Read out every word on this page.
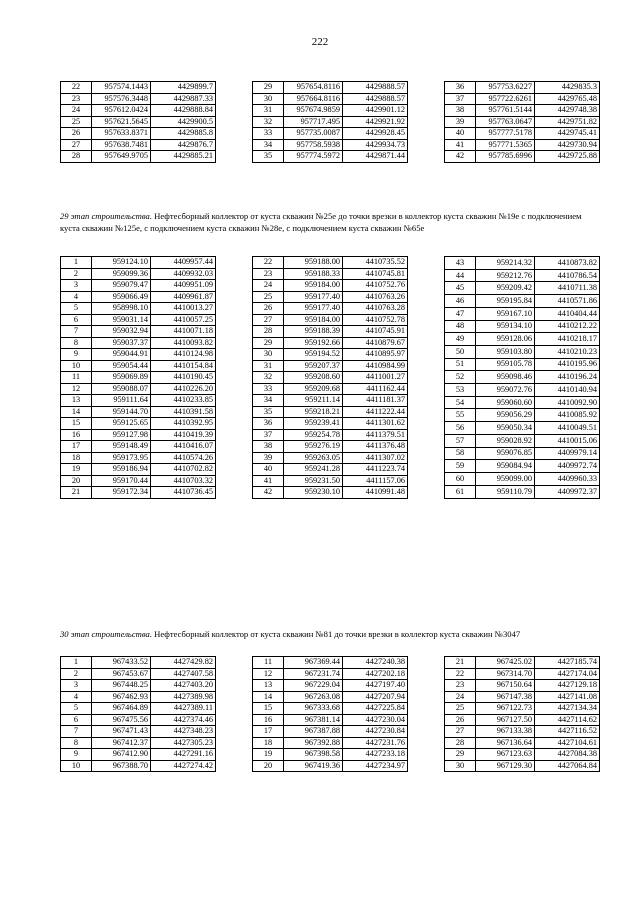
222
22	957574.1443	4429899.7
23	957576.3448	4429887.33
24	957612.0424	4429888.84
25	957621.5645	4429900.5
26	957633.8371	4429885.8
27	957638.7481	4429876.7
28	957649.9705	4429885.21
29	957654.8116	4429888.57
30	957664.8116	4429888.57
31	957674.9859	4429901.12
32	957717.495	4429921.92
33	957735.0087	4429928.45
34	957758.5938	4429934.73
35	957774.5972	4429871.44
36	957753.6227	4429835.3
37	957722.6261	4429765.48
38	957761.5144	4429748.38
39	957763.0647	4429751.82
40	957777.5178	4429745.41
41	957771.5365	4429730.94
42	957785.6996	4429725.88
29 этап строительства. Нефтесборный коллектор от куста скважин №25е до точки врезки в коллектор куста скважин №19е с подключением куста скважин №125е, с подключением куста скважин №28е, с подключением куста скважин №65е
1	959124.10	4409957.44
2	959099.36	4409932.03
3	959079.47	4409951.09
4	959066.49	4409961.87
5	958998.10	4410013.27
6	959031.14	4410057.25
7	959032.94	4410071.18
8	959037.37	4410093.82
9	959044.91	4410124.98
10	959054.44	4410154.84
11	959069.89	4410190.45
12	959088.07	4410226.20
13	959111.64	4410233.85
14	959144.70	4410391.58
15	959125.65	4410392.95
16	959127.98	4410419.39
17	959148.49	4410416.07
18	959173.95	4410574.26
19	959186.94	4410702.82
20	959170.44	4410703.32
21	959172.34	4410736.45
22	959188.00	4410735.52
23	959188.33	4410745.81
24	959184.00	4410752.76
25	959177.40	4410763.26
26	959177.40	4410763.28
27	959184.00	4410752.78
28	959188.39	4410745.91
29	959192.66	4410879.67
30	959194.52	4410895.97
31	959207.37	4410984.99
32	959208.60	4411001.27
33	959209.68	4411162.44
34	959211.14	4411181.37
35	959218.21	4411222.44
36	959239.41	4411301.62
37	959254.78	4411379.51
38	959276.19	4411376.48
39	959263.05	4411307.02
40	959241.28	4411223.74
41	959231.50	4411157.06
42	959230.10	4410991.48
43	959214.32	4410873.82
44	959212.76	4410786.54
45	959209.42	4410711.38
46	959195.84	4410571.86
47	959167.10	4410404.44
48	959134.10	4410212.22
49	959128.06	4410218.17
50	959103.80	4410210.23
51	959105.78	4410195.96
52	959098.46	4410196.24
53	959072.76	4410140.94
54	959060.60	4410092.90
55	959056.29	4410085.92
56	959050.34	4410049.51
57	959028.92	4410015.06
58	959076.85	4409979.14
59	959084.94	4409972.74
60	959099.00	4409960.33
61	959110.79	4409972.37
30 этап строительства. Нефтесборный коллектор от куста скважин №81 до точки врезки в коллектор куста скважин №3047
1	967433.52	4427429.82
2	967453.67	4427407.58
3	967448.25	4427403.20
4	967462.93	4427389.98
5	967464.89	4427389.11
6	967475.56	4427374.46
7	967471.43	4427348.23
8	967412.37	4427305.23
9	967412.90	4427291.16
10	967388.70	4427274.42
11	967369.44	4427240.38
12	967231.74	4427202.18
13	967229.04	4427197.40
14	967263.08	4427207.94
15	967333.68	4427225.84
16	967381.14	4427230.04
17	967387.88	4427230.84
18	967392.88	4427231.76
19	967398.58	4427233.18
20	967419.36	4427234.97
21	967425.02	4427185.74
22	967314.70	4427174.04
23	967150.64	4427129.18
24	967147.38	4427141.08
25	967122.73	4427134.34
26	967127.50	4427114.62
27	967133.38	4427116.52
28	967136.64	4427104.61
29	967123.63	4427084.38
30	967129.30	4427064.84
